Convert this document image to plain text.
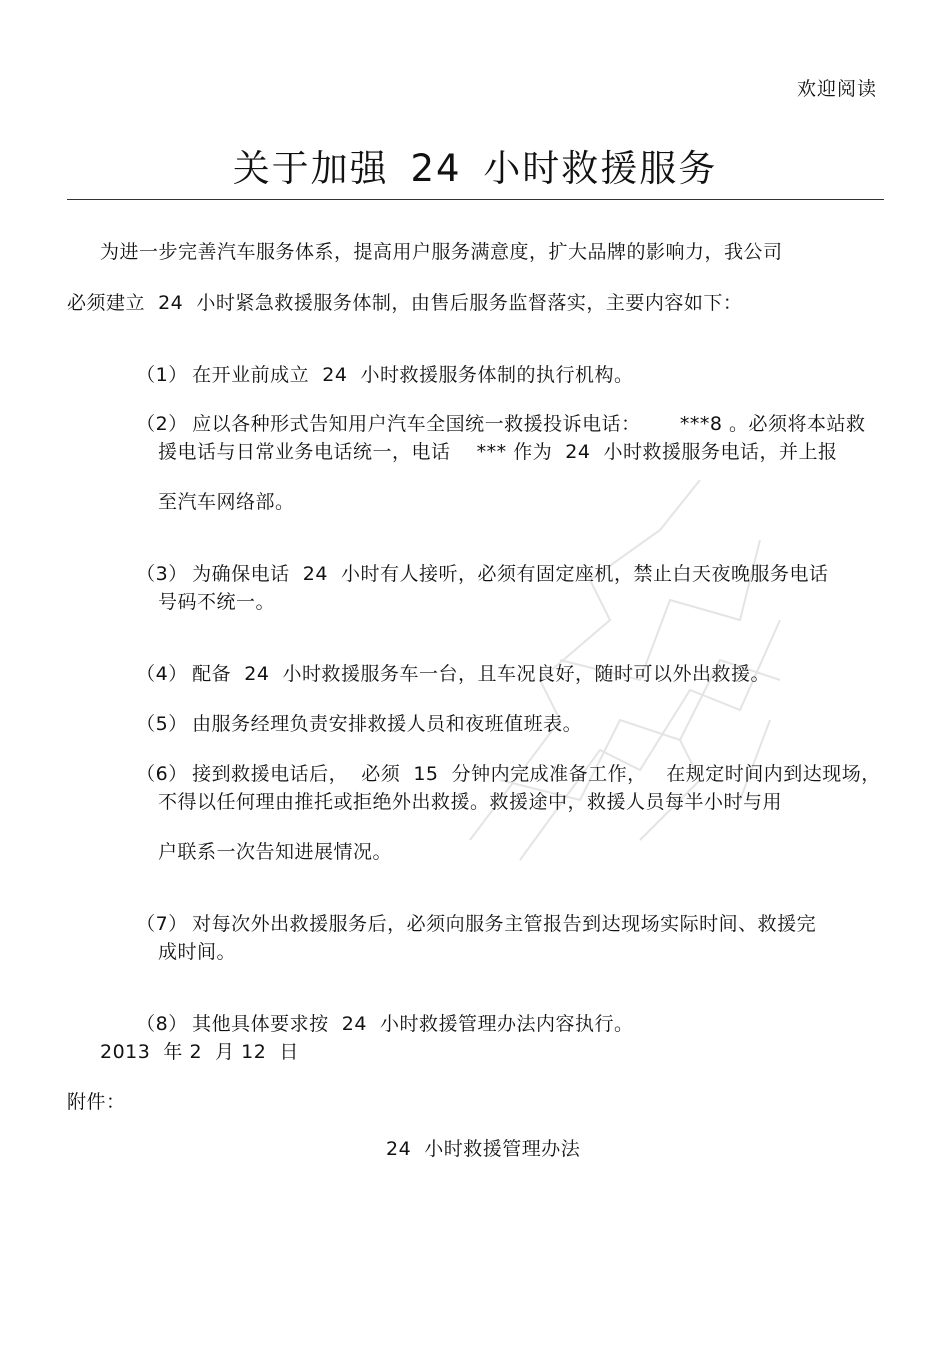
欢迎阅读
关于加强 24 小时救援服务
为进一步完善汽车服务体系，提高用户服务满意度，扩大品牌的影响力，我公司
必须建立  24  小时紧急救援服务体制，由售后服务监督落实，主要内容如下：

（1） 在开业前成立  24  小时救援服务体制的执行机构。

（2） 应以各种形式告知用户汽车全国统一救援投诉电话：      ***8 。必须将本站救

援电话与日常业务电话统一，电话    *** 作为  24  小时救援服务电话，并上报
至汽车网络部。

（3） 为确保电话  24  小时有人接听，必须有固定座机，禁止白天夜晚服务电话

号码不统一。

（4） 配备  24  小时救援服务车一台，且车况良好，随时可以外出救援。

（5） 由服务经理负责安排救援人员和夜班值班表。

（6） 接到救援电话后，  必须  15  分钟内完成准备工作，   在规定时间内到达现场，

不得以任何理由推托或拒绝外出救援。救援途中，救援人员每半小时与用
户联系一次告知进展情况。

（7） 对每次外出救援服务后，必须向服务主管报告到达现场实际时间、救援完

成时间。

（8） 其他具体要求按  24  小时救援管理办法内容执行。

2013  年 2  月 12  日
附件：
24  小时救援管理办法
